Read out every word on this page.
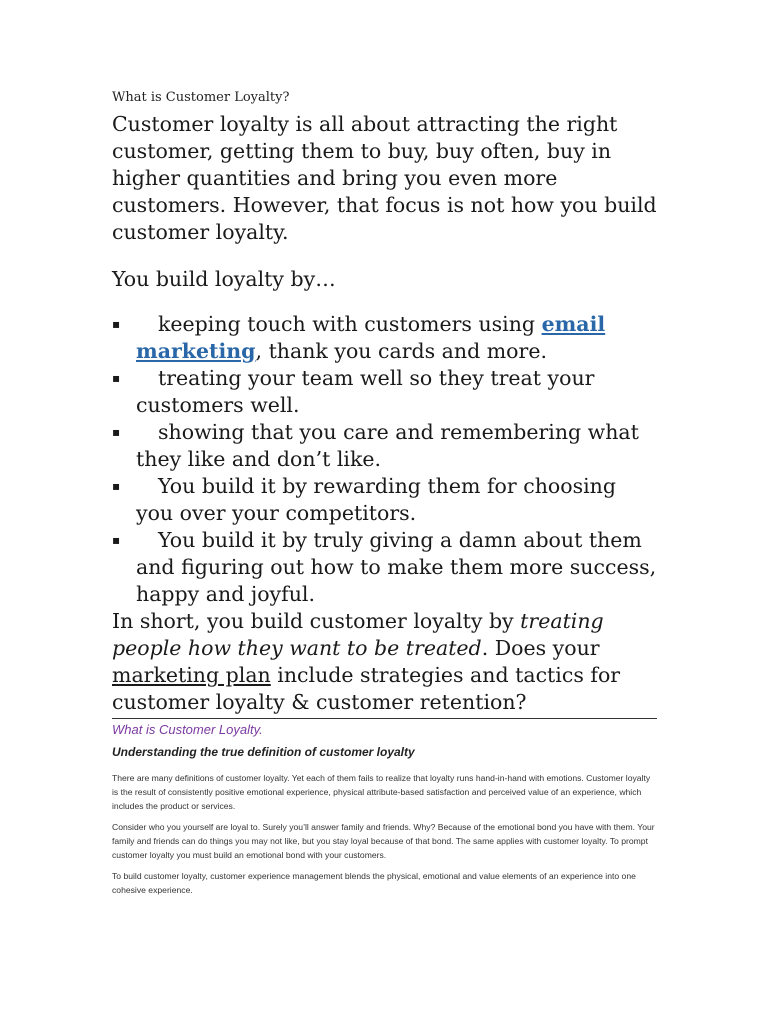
What is Customer Loyalty?

Customer loyalty is all about attracting the right customer, getting them to buy, buy often, buy in higher quantities and bring you even more customers. However, that focus is not how you build customer loyalty.

You build loyalty by…

▪ keeping touch with customers using email marketing, thank you cards and more.
▪ treating your team well so they treat your customers well.
▪ showing that you care and remembering what they like and don’t like.
▪ You build it by rewarding them for choosing you over your competitors.
▪ You build it by truly giving a damn about them and figuring out how to make them more success, happy and joyful.

In short, you build customer loyalty by treating people how they want to be treated. Does your marketing plan include strategies and tactics for customer loyalty & customer retention?

What is Customer Loyalty.

Understanding the true definition of customer loyalty

There are many definitions of customer loyalty. Yet each of them fails to realize that loyalty runs hand-in-hand with emotions. Customer loyalty is the result of consistently positive emotional experience, physical attribute-based satisfaction and perceived value of an experience, which includes the product or services.

Consider who you yourself are loyal to. Surely you’ll answer family and friends. Why? Because of the emotional bond you have with them. Your family and friends can do things you may not like, but you stay loyal because of that bond. The same applies with customer loyalty. To prompt customer loyalty you must build an emotional bond with your customers.

To build customer loyalty, customer experience management blends the physical, emotional and value elements of an experience into one cohesive experience.
